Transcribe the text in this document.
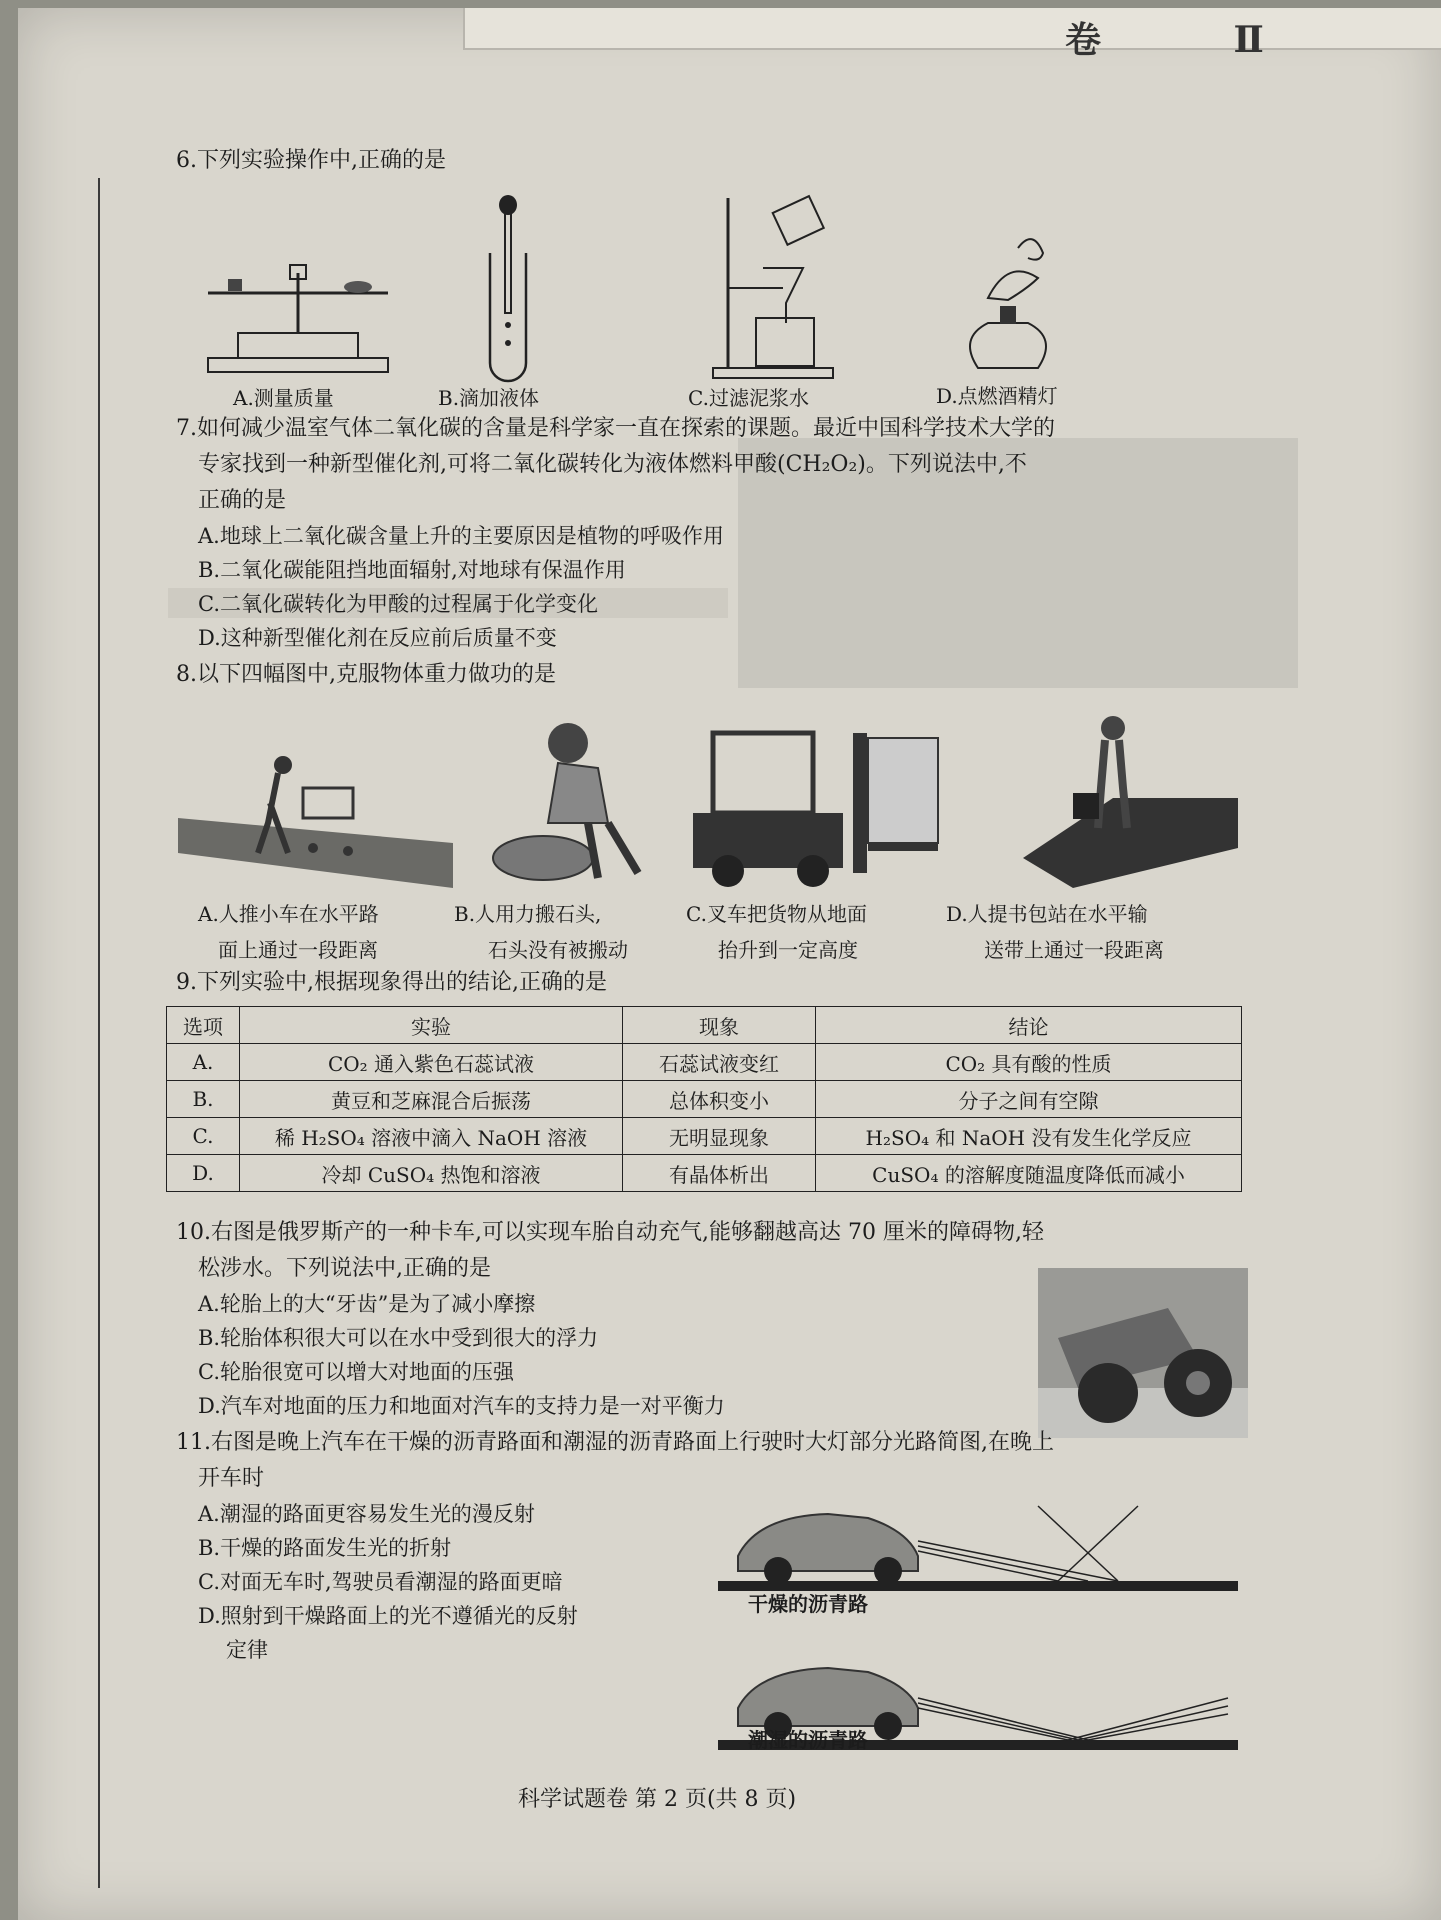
卷 Ⅱ
6.下列实验操作中,正确的是
A.测量质量	B.滴加液体	C.过滤泥浆水	D.点燃酒精灯
7.如何减少温室气体二氧化碳的含量是科学家一直在探索的课题。最近中国科学技术大学的
专家找到一种新型催化剂,可将二氧化碳转化为液体燃料甲酸(CH₂O₂)。下列说法中,不
正确的是
A.地球上二氧化碳含量上升的主要原因是植物的呼吸作用
B.二氧化碳能阻挡地面辐射,对地球有保温作用
C.二氧化碳转化为甲酸的过程属于化学变化
D.这种新型催化剂在反应前后质量不变
8.以下四幅图中,克服物体重力做功的是
A.人推小车在水平路
面上通过一段距离
B.人用力搬石头,
石头没有被搬动
C.叉车把货物从地面
抬升到一定高度
D.人提书包站在水平输
送带上通过一段距离
9.下列实验中,根据现象得出的结论,正确的是
选项	实验	现象	结论
A.	CO₂ 通入紫色石蕊试液	石蕊试液变红	CO₂ 具有酸的性质
B.	黄豆和芝麻混合后振荡	总体积变小	分子之间有空隙
C.	稀 H₂SO₄ 溶液中滴入 NaOH 溶液	无明显现象	H₂SO₄ 和 NaOH 没有发生化学反应
D.	冷却 CuSO₄ 热饱和溶液	有晶体析出	CuSO₄ 的溶解度随温度降低而减小
10.右图是俄罗斯产的一种卡车,可以实现车胎自动充气,能够翻越高达 70 厘米的障碍物,轻
松涉水。下列说法中,正确的是
A.轮胎上的大“牙齿”是为了减小摩擦
B.轮胎体积很大可以在水中受到很大的浮力
C.轮胎很宽可以增大对地面的压强
D.汽车对地面的压力和地面对汽车的支持力是一对平衡力
11.右图是晚上汽车在干燥的沥青路面和潮湿的沥青路面上行驶时大灯部分光路简图,在晚上
开车时
A.潮湿的路面更容易发生光的漫反射
B.干燥的路面发生光的折射
C.对面无车时,驾驶员看潮湿的路面更暗
D.照射到干燥路面上的光不遵循光的反射
定律
干燥的沥青路
潮湿的沥青路
科学试题卷 第 2 页(共 8 页)
